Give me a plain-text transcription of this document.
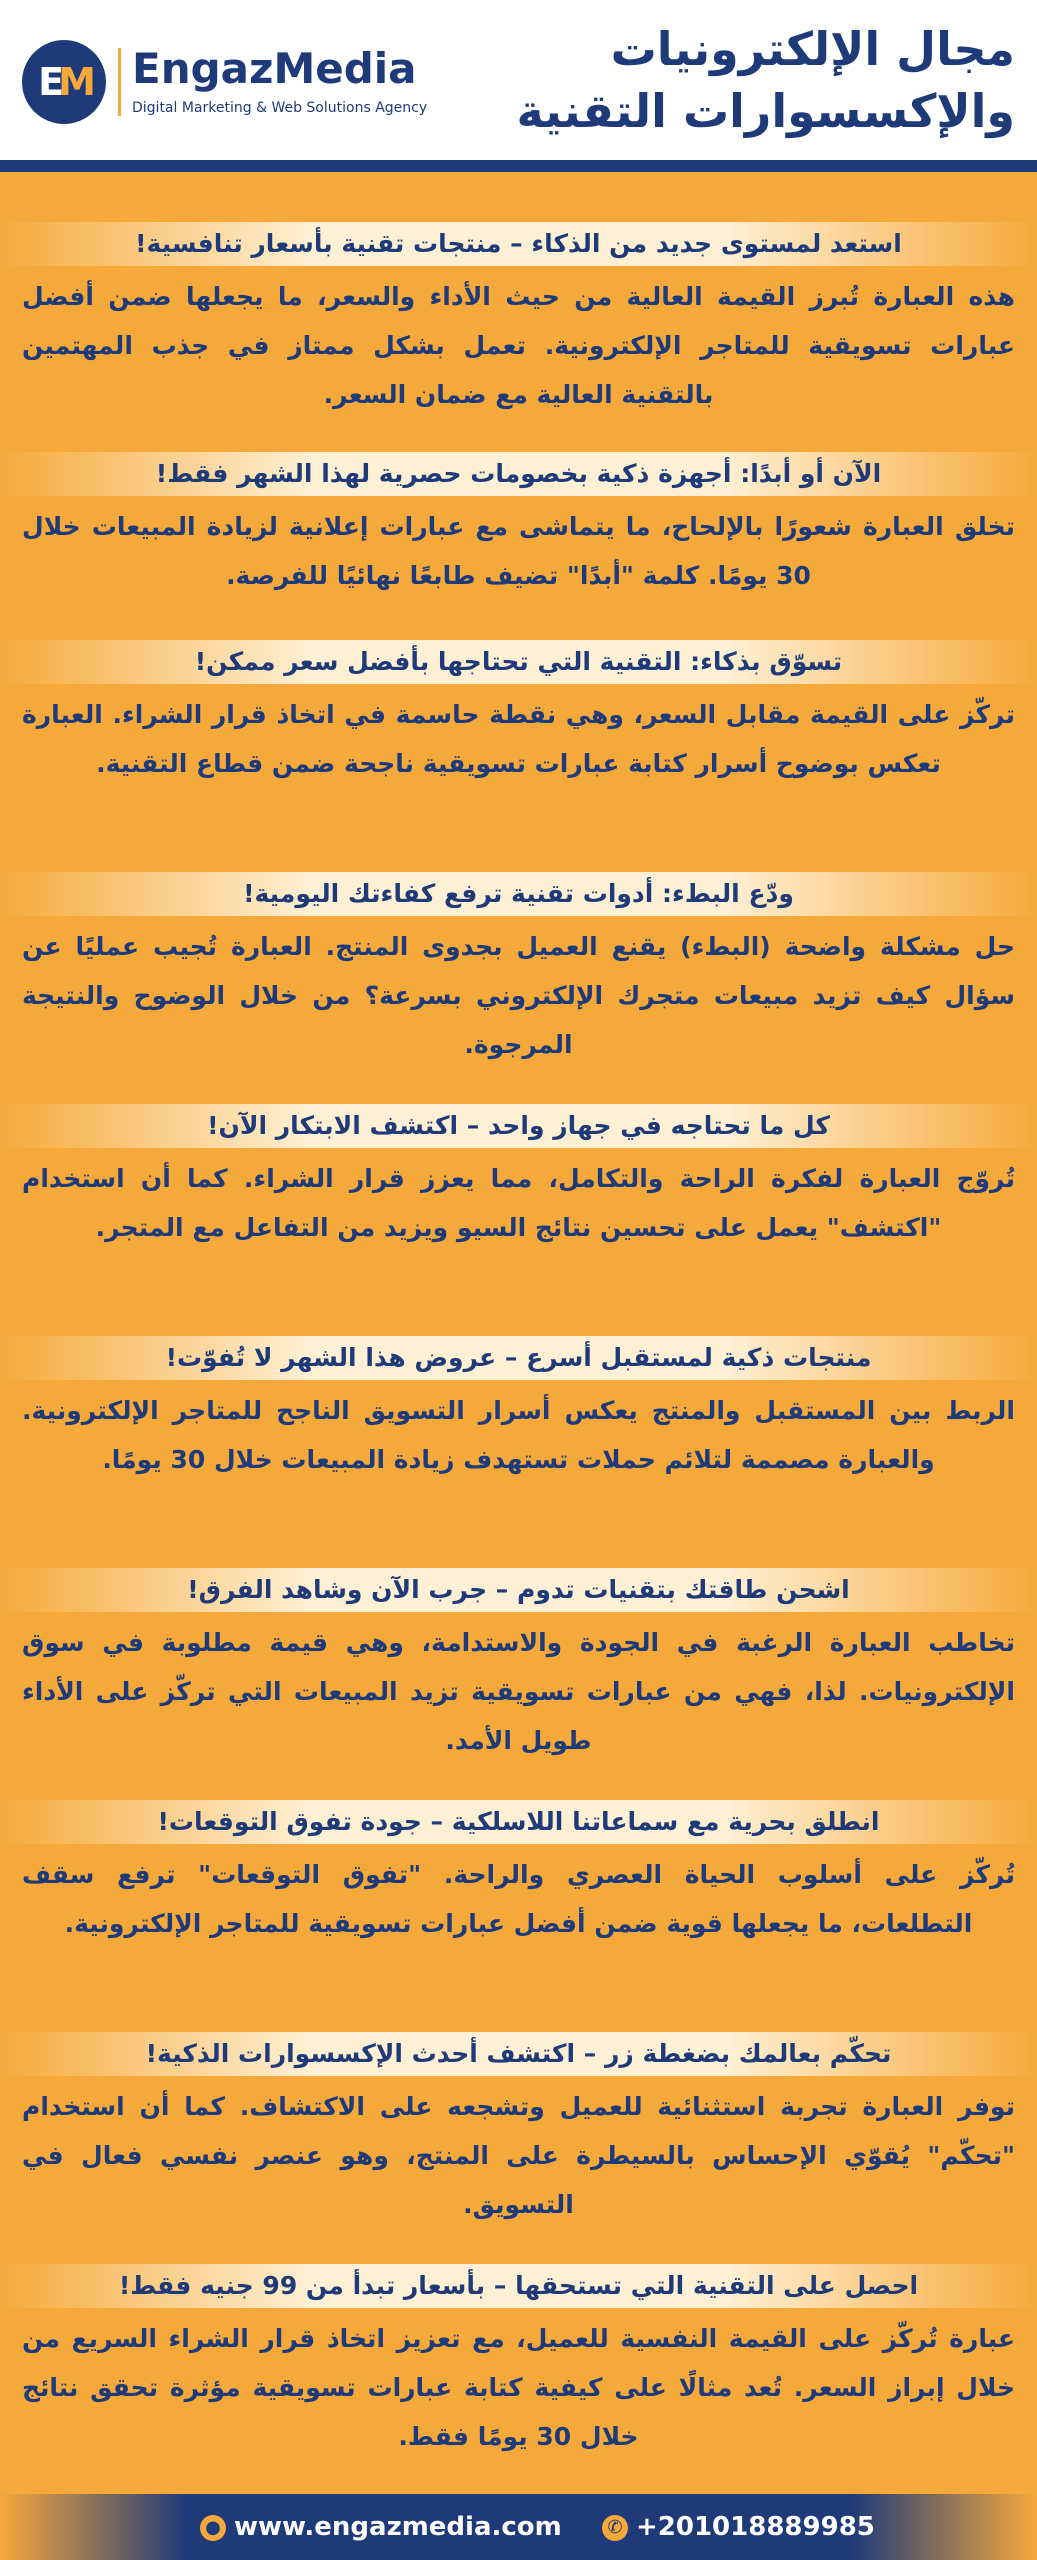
EM	EngazMedia
Digital Marketing & Web Solutions Agency
مجال الإلكترونيات
والإكسسوارات التقنية
استعد لمستوى جديد من الذكاء – منتجات تقنية بأسعار تنافسية!
هذه العبارة تُبرز القيمة العالية من حيث الأداء والسعر، ما يجعلها ضمن أفضل عبارات تسويقية للمتاجر الإلكترونية. تعمل بشكل ممتاز في جذب المهتمين بالتقنية العالية مع ضمان السعر.
الآن أو أبدًا: أجهزة ذكية بخصومات حصرية لهذا الشهر فقط!
تخلق العبارة شعورًا بالإلحاح، ما يتماشى مع عبارات إعلانية لزيادة المبيعات خلال 30 يومًا. كلمة "أبدًا" تضيف طابعًا نهائيًا للفرصة.
تسوّق بذكاء: التقنية التي تحتاجها بأفضل سعر ممكن!
تركّز على القيمة مقابل السعر، وهي نقطة حاسمة في اتخاذ قرار الشراء. العبارة تعكس بوضوح أسرار كتابة عبارات تسويقية ناجحة ضمن قطاع التقنية.
ودّع البطء: أدوات تقنية ترفع كفاءتك اليومية!
حل مشكلة واضحة (البطء) يقنع العميل بجدوى المنتج. العبارة تُجيب عمليًا عن سؤال كيف تزيد مبيعات متجرك الإلكتروني بسرعة؟ من خلال الوضوح والنتيجة المرجوة.
كل ما تحتاجه في جهاز واحد – اكتشف الابتكار الآن!
تُروّج العبارة لفكرة الراحة والتكامل، مما يعزز قرار الشراء. كما أن استخدام "اكتشف" يعمل على تحسين نتائج السيو ويزيد من التفاعل مع المتجر.
منتجات ذكية لمستقبل أسرع – عروض هذا الشهر لا تُفوّت!
الربط بين المستقبل والمنتج يعكس أسرار التسويق الناجح للمتاجر الإلكترونية. والعبارة مصممة لتلائم حملات تستهدف زيادة المبيعات خلال 30 يومًا.
اشحن طاقتك بتقنيات تدوم – جرب الآن وشاهد الفرق!
تخاطب العبارة الرغبة في الجودة والاستدامة، وهي قيمة مطلوبة في سوق الإلكترونيات. لذا، فهي من عبارات تسويقية تزيد المبيعات التي تركّز على الأداء طويل الأمد.
انطلق بحرية مع سماعاتنا اللاسلكية – جودة تفوق التوقعات!
تُركّز على أسلوب الحياة العصري والراحة. "تفوق التوقعات" ترفع سقف التطلعات، ما يجعلها قوية ضمن أفضل عبارات تسويقية للمتاجر الإلكترونية.
تحكّم بعالمك بضغطة زر – اكتشف أحدث الإكسسوارات الذكية!
توفر العبارة تجربة استثنائية للعميل وتشجعه على الاكتشاف. كما أن استخدام "تحكّم" يُقوّي الإحساس بالسيطرة على المنتج، وهو عنصر نفسي فعال في التسويق.
احصل على التقنية التي تستحقها – بأسعار تبدأ من 99 جنيه فقط!
عبارة تُركّز على القيمة النفسية للعميل، مع تعزيز اتخاذ قرار الشراء السريع من خلال إبراز السعر. تُعد مثالًا على كيفية كتابة عبارات تسويقية مؤثرة تحقق نتائج خلال 30 يومًا فقط.
● www.engazmedia.com	✆ +201018889985
